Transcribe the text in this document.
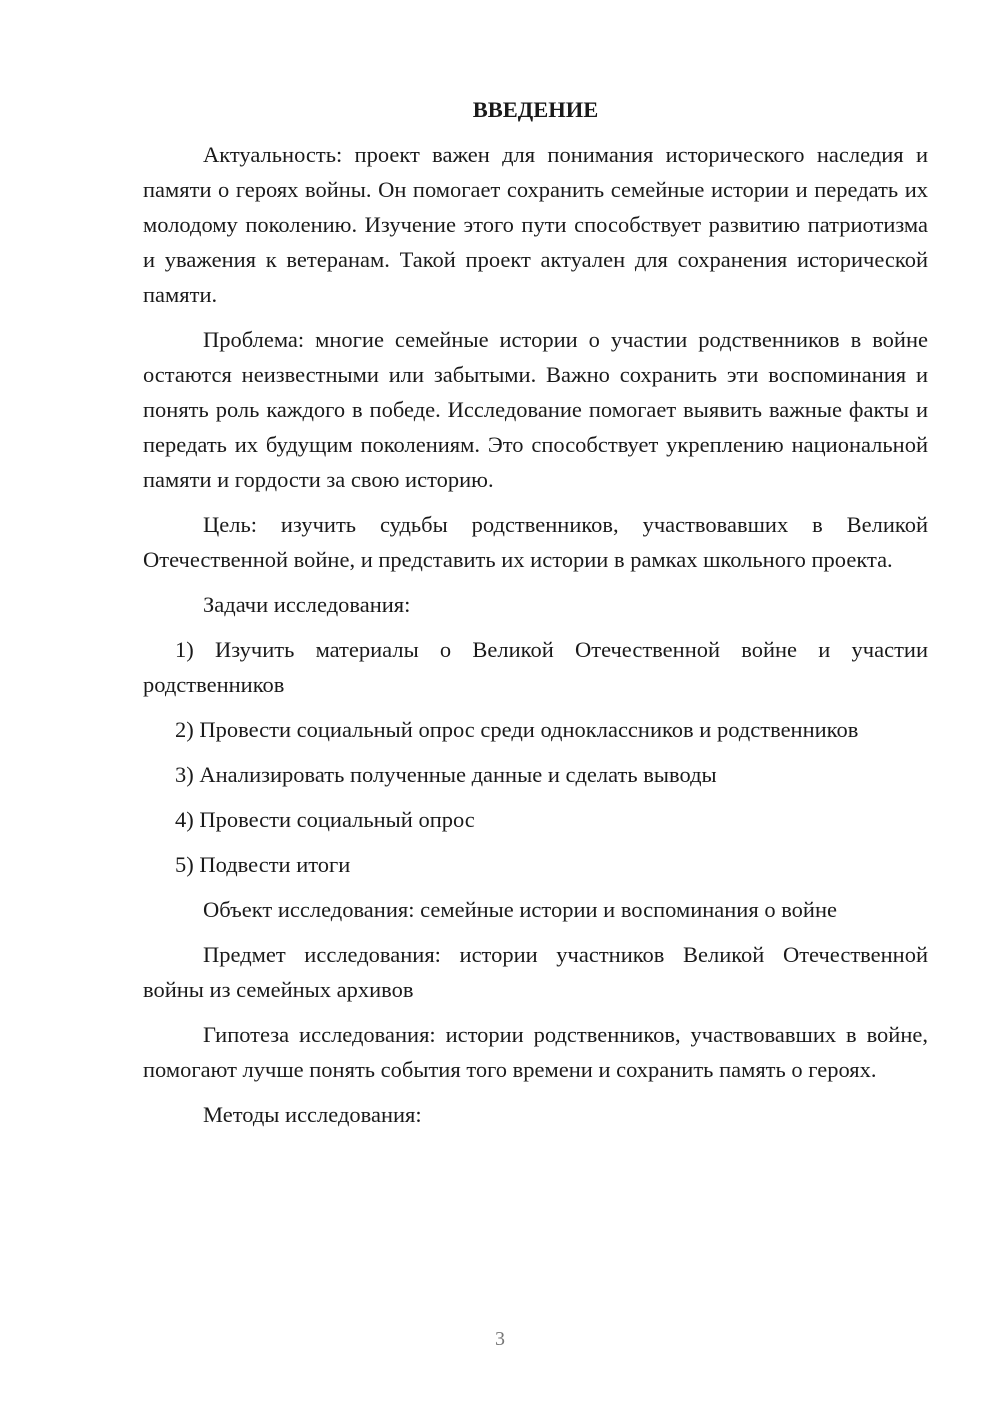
ВВЕДЕНИЕ

Актуальность: проект важен для понимания исторического наследия и памяти о героях войны. Он помогает сохранить семейные истории и передать их молодому поколению. Изучение этого пути способствует развитию патриотизма и уважения к ветеранам. Такой проект актуален для сохранения исторической памяти.

Проблема: многие семейные истории о участии родственников в войне остаются неизвестными или забытыми. Важно сохранить эти воспоминания и понять роль каждого в победе. Исследование помогает выявить важные факты и передать их будущим поколениям. Это способствует укреплению национальной памяти и гордости за свою историю.

Цель: изучить судьбы родственников, участвовавших в Великой Отечественной войне, и представить их истории в рамках школьного проекта.

Задачи исследования:

1) Изучить материалы о Великой Отечественной войне и участии родственников

2) Провести социальный опрос среди одноклассников и родственников

3) Анализировать полученные данные и сделать выводы

4) Провести социальный опрос

5) Подвести итоги

Объект исследования: семейные истории и воспоминания о войне

Предмет исследования: истории участников Великой Отечественной войны из семейных архивов

Гипотеза исследования: истории родственников, участвовавших в войне, помогают лучше понять события того времени и сохранить память о героях.

Методы исследования:

3
